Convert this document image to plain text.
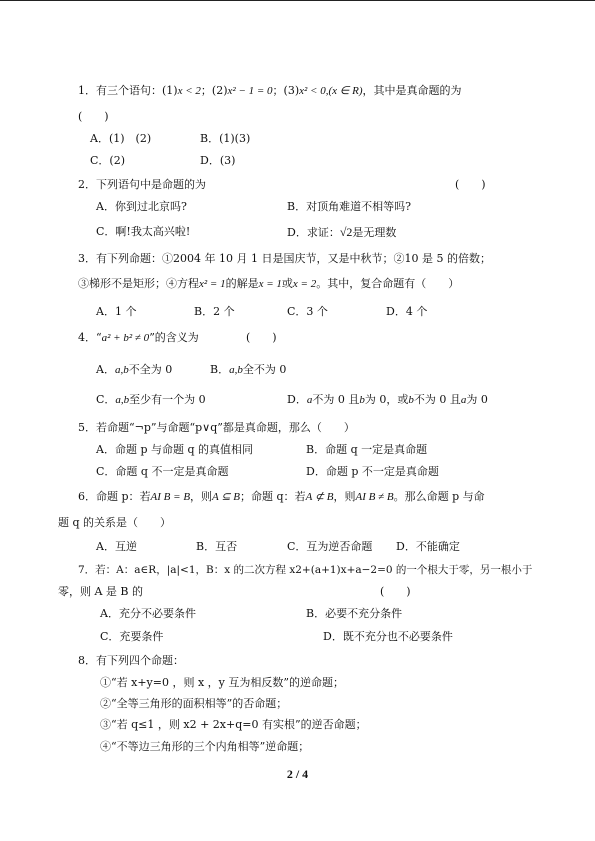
1．有三个语句：(1)x < 2；(2)x² − 1 = 0；(3)x² < 0,(x ∈ R)，其中是真命题的为
(　　)
A．(1)　(2)	B．(1)(3)
C．(2)	D．(3)
2．下列语句中是命题的为	(　　)
A．你到过北京吗?	B．对顶角难道不相等吗?
C．啊!我太高兴啦!	D．求证：√2是无理数
3．有下列命题：①2004 年 10 月 1 日是国庆节，又是中秋节；②10 是 5 的倍数；
③梯形不是矩形；④方程x² = 1的解是x = 1或x = 2。其中，复合命题有（　　）
A．1 个	B．2 个	C．3 个	D．4 个
4．“a² + b² ≠ 0”的含义为	(　　)
A．a,b不全为 0	B．a,b全不为 0
C．a,b至少有一个为 0	D．a不为 0 且b为 0，或b不为 0 且a为 0
5．若命题“¬p”与命题“p∨q”都是真命题，那么（　　）
A．命题 p 与命题 q 的真值相同	B．命题 q 一定是真命题
C．命题 q 不一定是真命题	D．命题 p 不一定是真命题
6．命题 p：若AI B = B，则A ⊆ B；命题 q：若A ⊄ B，则AI B ≠ B。那么命题 p 与命
题 q 的关系是（　　）
A．互逆	B．互否	C．互为逆否命题 D．不能确定
7．若：A：a∈R，|a|<1，B：x 的二次方程 x2+(a+1)x+a−2=0 的一个根大于零，另一根小于
零，则 A 是 B 的	(　　)
A．充分不必要条件	B．必要不充分条件
C．充要条件	D．既不充分也不必要条件
8．有下列四个命题：
①“若 x+y=0 ，则 x ，y 互为相反数”的逆命题；
②“全等三角形的面积相等”的否命题；
③“若 q≤1 ，则 x2 + 2x+q=0 有实根”的逆否命题；
④“不等边三角形的三个内角相等”逆命题；
2 / 4
